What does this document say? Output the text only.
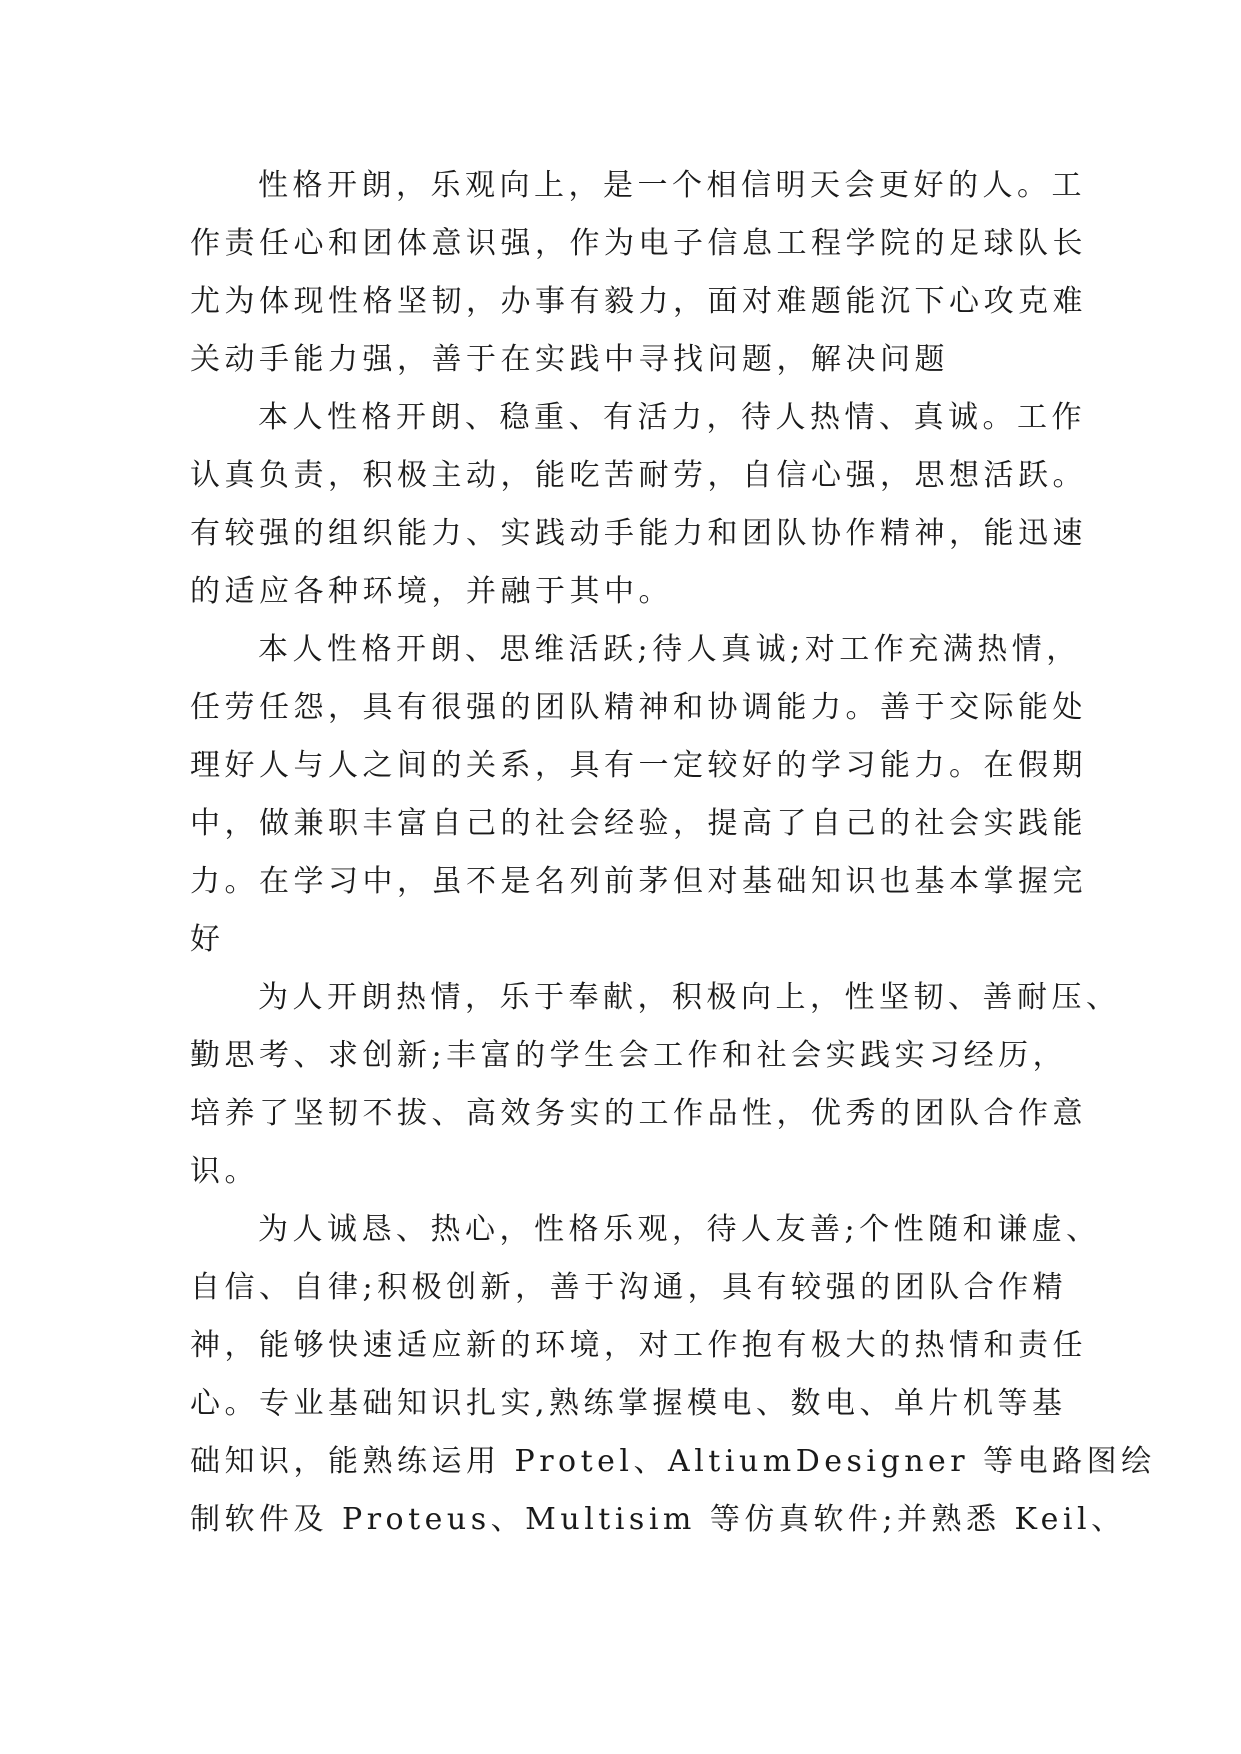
性格开朗，乐观向上，是一个相信明天会更好的人。工
作责任心和团体意识强，作为电子信息工程学院的足球队长
尤为体现性格坚韧，办事有毅力，面对难题能沉下心攻克难
关动手能力强，善于在实践中寻找问题，解决问题
本人性格开朗、稳重、有活力，待人热情、真诚。工作
认真负责，积极主动，能吃苦耐劳，自信心强，思想活跃。
有较强的组织能力、实践动手能力和团队协作精神，能迅速
的适应各种环境，并融于其中。
本人性格开朗、思维活跃;待人真诚;对工作充满热情，
任劳任怨，具有很强的团队精神和协调能力。善于交际能处
理好人与人之间的关系，具有一定较好的学习能力。在假期
中，做兼职丰富自己的社会经验，提高了自己的社会实践能
力。在学习中，虽不是名列前茅但对基础知识也基本掌握完
好
为人开朗热情，乐于奉献，积极向上，性坚韧、善耐压、
勤思考、求创新;丰富的学生会工作和社会实践实习经历，
培养了坚韧不拔、高效务实的工作品性，优秀的团队合作意
识。
为人诚恳、热心，性格乐观，待人友善;个性随和谦虚、
自信、自律;积极创新，善于沟通，具有较强的团队合作精
神，能够快速适应新的环境，对工作抱有极大的热情和责任
心。专业基础知识扎实,熟练掌握模电、数电、单片机等基
础知识，能熟练运用 Protel、AltiumDesigner 等电路图绘
制软件及 Proteus、Multisim 等仿真软件;并熟悉 Keil、
